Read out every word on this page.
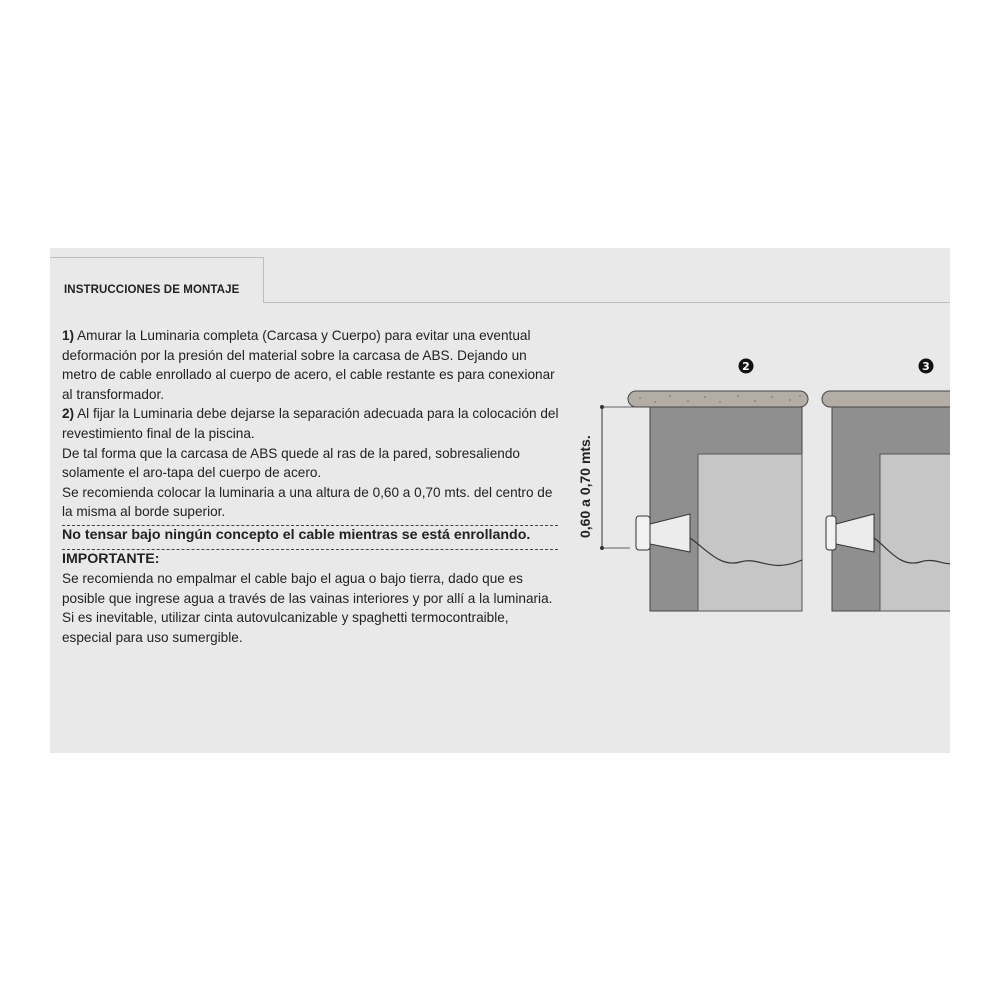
INSTRUCCIONES DE MONTAJE

1) Amurar la Luminaria completa (Carcasa y Cuerpo) para evitar una eventual deformación por la presión del material sobre la carcasa de ABS. Dejando un metro de cable enrollado al cuerpo de acero, el cable restante es para conexionar al transformador.

2) Al fijar la Luminaria debe dejarse la separación adecuada para la colocación del revestimiento final de la piscina.

De tal forma que la carcasa de ABS quede al ras de la pared, sobresaliendo solamente el aro-tapa del cuerpo de acero.

Se recomienda colocar la luminaria a una altura de 0,60 a 0,70 mts. del centro de la misma al borde superior.

No tensar bajo ningún concepto el cable mientras se está enrollando.

IMPORTANTE:

Se recomienda no empalmar el cable bajo el agua o bajo tierra, dado que es posible que ingrese agua a través de las vainas interiores y por allí a la luminaria.

Si es inevitable, utilizar cinta autovulcanizable y spaghetti termocontraible, especial para uso sumergible.

2	3
0,60 a 0,70 mts.
